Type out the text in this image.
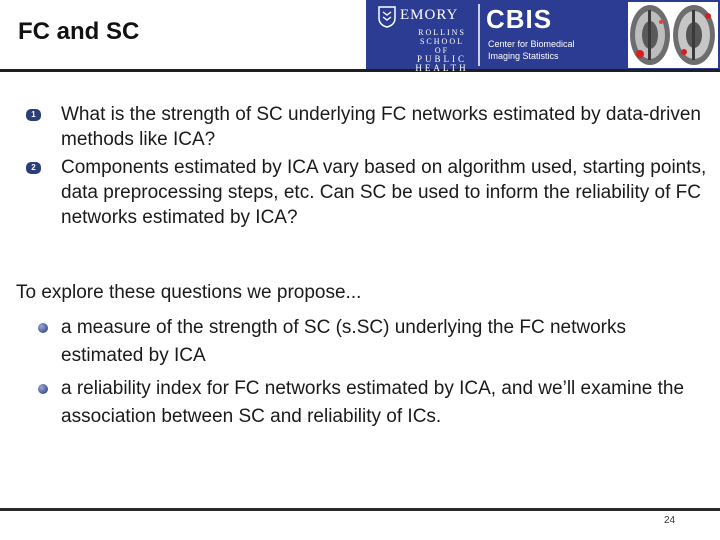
FC and SC
EMORY
ROLLINS
SCHOOL OF
PUBLIC
HEALTH
CBIS
Center for Biomedical
Imaging Statistics
1 What is the strength of SC underlying FC networks estimated by data-driven methods like ICA?
2 Components estimated by ICA vary based on algorithm used, starting points, data preprocessing steps, etc. Can SC be used to inform the reliability of FC networks estimated by ICA?
To explore these questions we propose...
a measure of the strength of SC (s.SC) underlying the FC networks estimated by ICA
a reliability index for FC networks estimated by ICA, and we’ll examine the association between SC and reliability of ICs.
24
